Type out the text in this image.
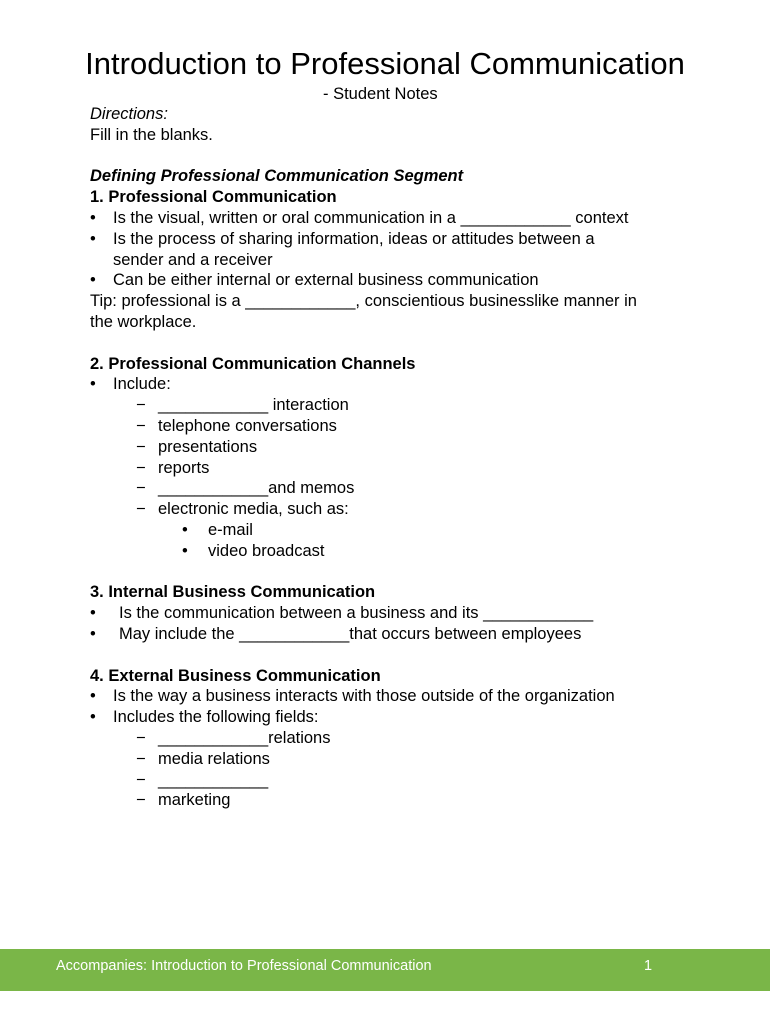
Introduction to Professional Communication
- Student Notes
Directions:
Fill in the blanks.
Defining Professional Communication Segment
1. Professional Communication
• Is the visual, written or oral communication in a ____________ context
• Is the process of sharing information, ideas or attitudes between a
sender and a receiver
• Can be either internal or external business communication
Tip: professional is a ____________, conscientious businesslike manner in
the workplace.
2. Professional Communication Channels
• Include:
− ____________ interaction
− telephone conversations
− presentations
− reports
− ____________and memos
− electronic media, such as:
• e-mail
• video broadcast
3. Internal Business Communication
• Is the communication between a business and its ____________
• May include the ____________that occurs between employees
4. External Business Communication
• Is the way a business interacts with those outside of the organization
• Includes the following fields:
− ____________relations
− media relations
− ____________
− marketing
Accompanies: Introduction to Professional Communication	1
